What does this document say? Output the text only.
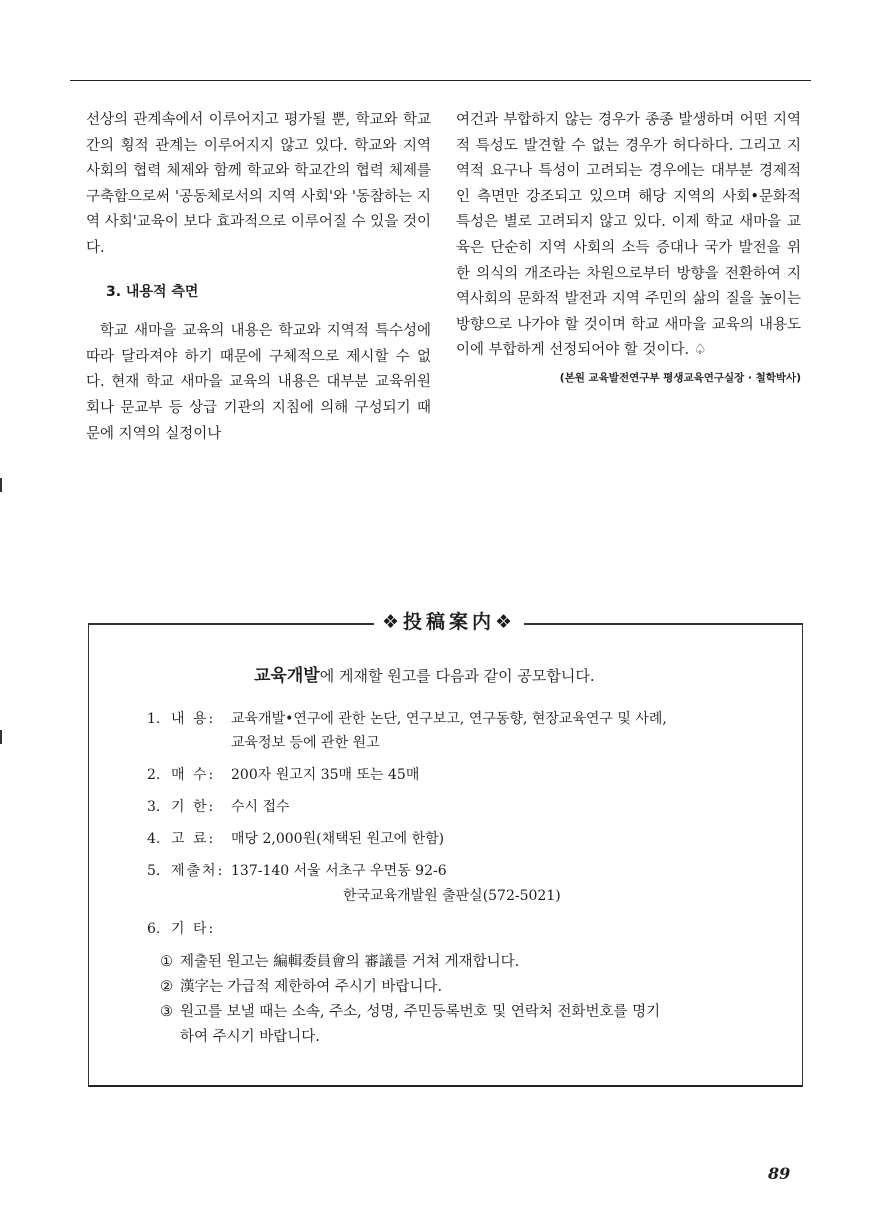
선상의 관계속에서 이루어지고 평가될 뿐, 학교와 학교간의 횡적 관계는 이루어지지 않고 있다. 학교와 지역 사회의 협력 체제와 함께 학교와 학교간의 협력 체제를 구축함으로써 '공동체로서의 지역 사회'와 '동참하는 지역 사회'교육이 보다 효과적으로 이루어질 수 있을 것이다.

3. 내용적 측면

학교 새마을 교육의 내용은 학교와 지역적 특수성에 따라 달라져야 하기 때문에 구체적으로 제시할 수 없다. 현재 학교 새마을 교육의 내용은 대부분 교육위원회나 문교부 등 상급 기관의 지침에 의해 구성되기 때문에 지역의 실정이나

여건과 부합하지 않는 경우가 종종 발생하며 어떤 지역적 특성도 발견할 수 없는 경우가 허다하다. 그리고 지역적 요구나 특성이 고려되는 경우에는 대부분 경제적인 측면만 강조되고 있으며 해당 지역의 사회•문화적 특성은 별로 고려되지 않고 있다. 이제 학교 새마을 교육은 단순히 지역 사회의 소득 증대나 국가 발전을 위한 의식의 개조라는 차원으로부터 방향을 전환하여 지역사회의 문화적 발전과 지역 주민의 삶의 질을 높이는 방향으로 나가야 할 것이며 학교 새마을 교육의 내용도 이에 부합하게 선정되어야 할 것이다. ♤

(본원 교육발전연구부 평생교육연구실장 · 철학박사)
❖投稿案内❖
교육개발에 게재할 원고를 다음과 같이 공모합니다.
1. 내 용:	교육개발•연구에 관한 논단, 연구보고, 연구동향, 현장교육연구 및 사례,
교육정보 등에 관한 원고
2. 매 수:	200자 원고지 35매 또는 45매
3. 기 한:	수시 접수
4. 고 료:	매당 2,000원(채택된 원고에 한함)
5. 제출처: 137-140 서울 서초구 우면동 92-6
한국교육개발원 출판실(572-5021)
6. 기 타:
① 제출된 원고는 編輯委員會의 審議를 거쳐 게재합니다.
② 漢字는 가급적 제한하여 주시기 바랍니다.
③ 원고를 보낼 때는 소속, 주소, 성명, 주민등록번호 및 연락처 전화번호를 명기
하여 주시기 바랍니다.
89
